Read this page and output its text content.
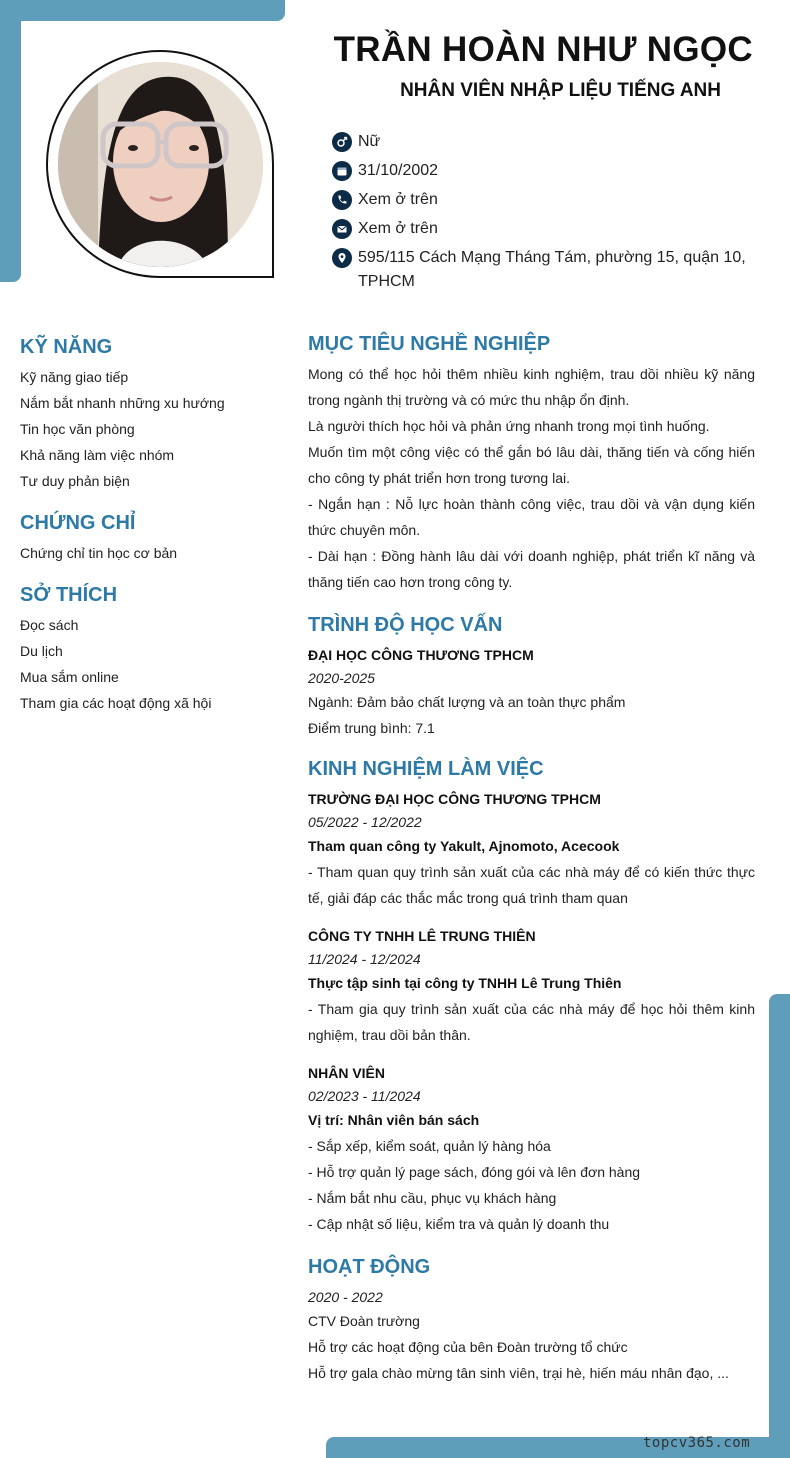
topcv365.com
TRẦN HOÀN NHƯ NGỌC
NHÂN VIÊN NHẬP LIỆU TIẾNG ANH
Nữ
31/10/2002
Xem ở trên
Xem ở trên
595/115 Cách Mạng Tháng Tám, phường 15, quận 10, TPHCM
KỸ NĂNG
Kỹ năng giao tiếp
Nắm bắt nhanh những xu hướng
Tin học văn phòng
Khả năng làm việc nhóm
Tư duy phản biện
CHỨNG CHỈ
Chứng chỉ tin học cơ bản
SỞ THÍCH
Đọc sách
Du lịch
Mua sắm online
Tham gia các hoạt động xã hội
MỤC TIÊU NGHỀ NGHIỆP
Mong có thể học hỏi thêm nhiều kinh nghiệm, trau dồi nhiều kỹ năng trong ngành thị trường và có mức thu nhập ổn định.
Là người thích học hỏi và phản ứng nhanh trong mọi tình huống.
Muốn tìm một công việc có thể gắn bó lâu dài, thăng tiến và cống hiến cho công ty phát triển hơn trong tương lai.
- Ngắn hạn : Nỗ lực hoàn thành công việc, trau dồi và vận dụng kiến thức chuyên môn.
- Dài hạn : Đồng hành lâu dài với doanh nghiệp, phát triển kĩ năng và thăng tiến cao hơn trong công ty.
TRÌNH ĐỘ HỌC VẤN
ĐẠI HỌC CÔNG THƯƠNG TPHCM
2020-2025
Ngành: Đảm bảo chất lượng và an toàn thực phẩm
Điểm trung bình: 7.1
KINH NGHIỆM LÀM VIỆC
TRƯỜNG ĐẠI HỌC CÔNG THƯƠNG TPHCM
05/2022 - 12/2022
Tham quan công ty Yakult, Ajnomoto, Acecook
- Tham quan quy trình sản xuất của các nhà máy để có kiến thức thực tế, giải đáp các thắc mắc trong quá trình tham quan
CÔNG TY TNHH LÊ TRUNG THIÊN
11/2024 - 12/2024
Thực tập sinh tại công ty TNHH Lê Trung Thiên
- Tham gia quy trình sản xuất của các nhà máy để học hỏi thêm kinh nghiệm, trau dồi bản thân.
NHÂN VIÊN
02/2023 - 11/2024
Vị trí: Nhân viên bán sách
- Sắp xếp, kiểm soát, quản lý hàng hóa
- Hỗ trợ quản lý page sách, đóng gói và lên đơn hàng
- Nắm bắt nhu cầu, phục vụ khách hàng
- Cập nhật số liệu, kiểm tra và quản lý doanh thu
HOẠT ĐỘNG
2020 - 2022
CTV Đoàn trường
Hỗ trợ các hoạt động của bên Đoàn trường tổ chức
Hỗ trợ gala chào mừng tân sinh viên, trại hè, hiến máu nhân đạo, ...
